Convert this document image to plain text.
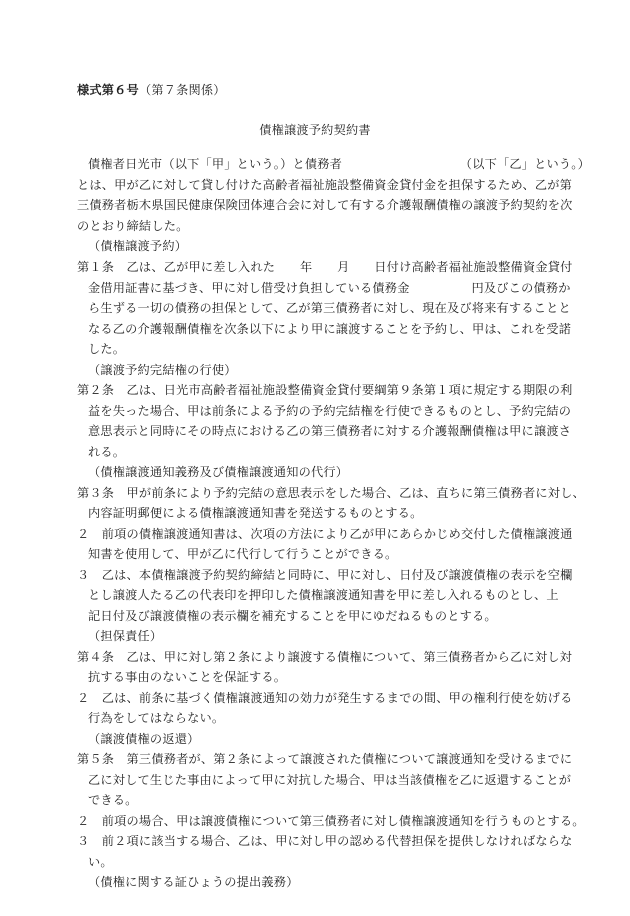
様式第６号（第７条関係）
債権譲渡予約契約書
債権者日光市（以下「甲」という。）と債務者　　　　　　　　　　（以下「乙」という。）
とは、甲が乙に対して貸し付けた高齢者福祉施設整備資金貸付金を担保するため、乙が第
三債務者栃木県国民健康保険団体連合会に対して有する介護報酬債権の譲渡予約契約を次
のとおり締結した。
（債権譲渡予約）
第１条　乙は、乙が甲に差し入れた　　年　　月　　日付け高齢者福祉施設整備資金貸付
金借用証書に基づき、甲に対し借受け負担している債務金　　　　　円及びこの債務か
ら生ずる一切の債務の担保として、乙が第三債務者に対し、現在及び将来有することと
なる乙の介護報酬債権を次条以下により甲に譲渡することを予約し、甲は、これを受諾
した。
（譲渡予約完結権の行使）
第２条　乙は、日光市高齢者福祉施設整備資金貸付要綱第９条第１項に規定する期限の利
益を失った場合、甲は前条による予約の予約完結権を行使できるものとし、予約完結の
意思表示と同時にその時点における乙の第三債務者に対する介護報酬債権は甲に譲渡さ
れる。
（債権譲渡通知義務及び債権譲渡通知の代行）
第３条　甲が前条により予約完結の意思表示をした場合、乙は、直ちに第三債務者に対し、
内容証明郵便による債権譲渡通知書を発送するものとする。
２　前項の債権譲渡通知書は、次項の方法により乙が甲にあらかじめ交付した債権譲渡通
知書を使用して、甲が乙に代行して行うことができる。
３　乙は、本債権譲渡予約契約締結と同時に、甲に対し、日付及び譲渡債権の表示を空欄
とし譲渡人たる乙の代表印を押印した債権譲渡通知書を甲に差し入れるものとし、上
記日付及び譲渡債権の表示欄を補充することを甲にゆだねるものとする。
（担保責任）
第４条　乙は、甲に対し第２条により譲渡する債権について、第三債務者から乙に対し対
抗する事由のないことを保証する。
２　乙は、前条に基づく債権譲渡通知の効力が発生するまでの間、甲の権利行使を妨げる
行為をしてはならない。
（譲渡債権の返還）
第５条　第三債務者が、第２条によって譲渡された債権について譲渡通知を受けるまでに
乙に対して生じた事由によって甲に対抗した場合、甲は当該債権を乙に返還することが
できる。
２　前項の場合、甲は譲渡債権について第三債務者に対し債権譲渡通知を行うものとする。
３　前２項に該当する場合、乙は、甲に対し甲の認める代替担保を提供しなければならな
い。
（債権に関する証ひょうの提出義務）
